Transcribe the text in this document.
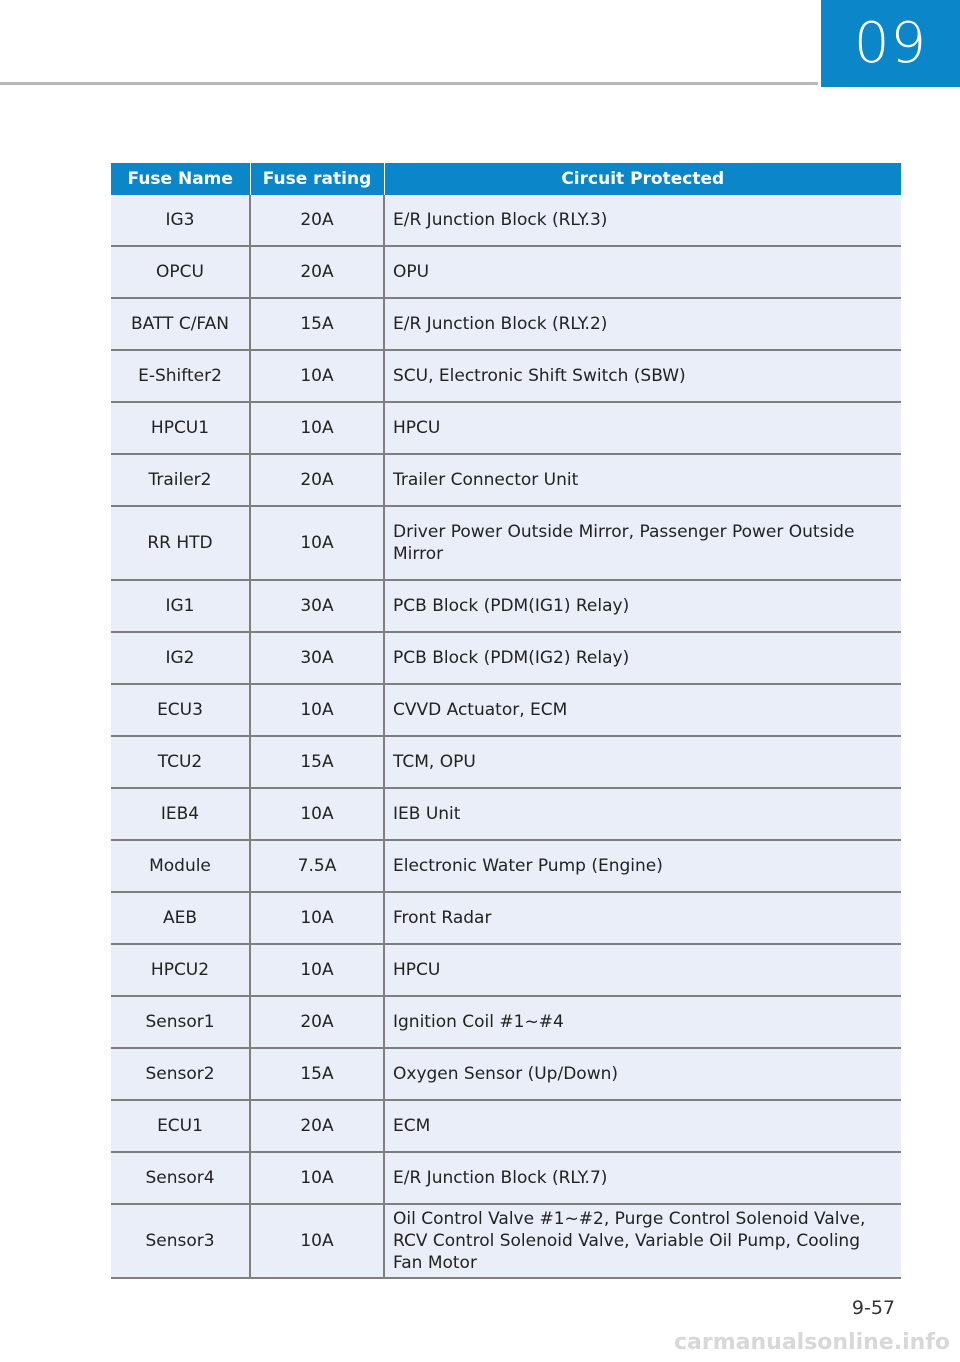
09
Fuse Name	Fuse rating	Circuit Protected
IG3	20A	E/R Junction Block (RLY.3)
OPCU	20A	OPU
BATT C/FAN	15A	E/R Junction Block (RLY.2)
E-Shifter2	10A	SCU, Electronic Shift Switch (SBW)
HPCU1	10A	HPCU
Trailer2	20A	Trailer Connector Unit
RR HTD	10A	Driver Power Outside Mirror, Passenger Power Outside Mirror
IG1	30A	PCB Block (PDM(IG1) Relay)
IG2	30A	PCB Block (PDM(IG2) Relay)
ECU3	10A	CVVD Actuator, ECM
TCU2	15A	TCM, OPU
IEB4	10A	IEB Unit
Module	7.5A	Electronic Water Pump (Engine)
AEB	10A	Front Radar
HPCU2	10A	HPCU
Sensor1	20A	Ignition Coil #1~#4
Sensor2	15A	Oxygen Sensor (Up/Down)
ECU1	20A	ECM
Sensor4	10A	E/R Junction Block (RLY.7)
Sensor3	10A	Oil Control Valve #1~#2, Purge Control Solenoid Valve, RCV Control Solenoid Valve, Variable Oil Pump, Cooling Fan Motor
9-57
carmanualsonline.info
